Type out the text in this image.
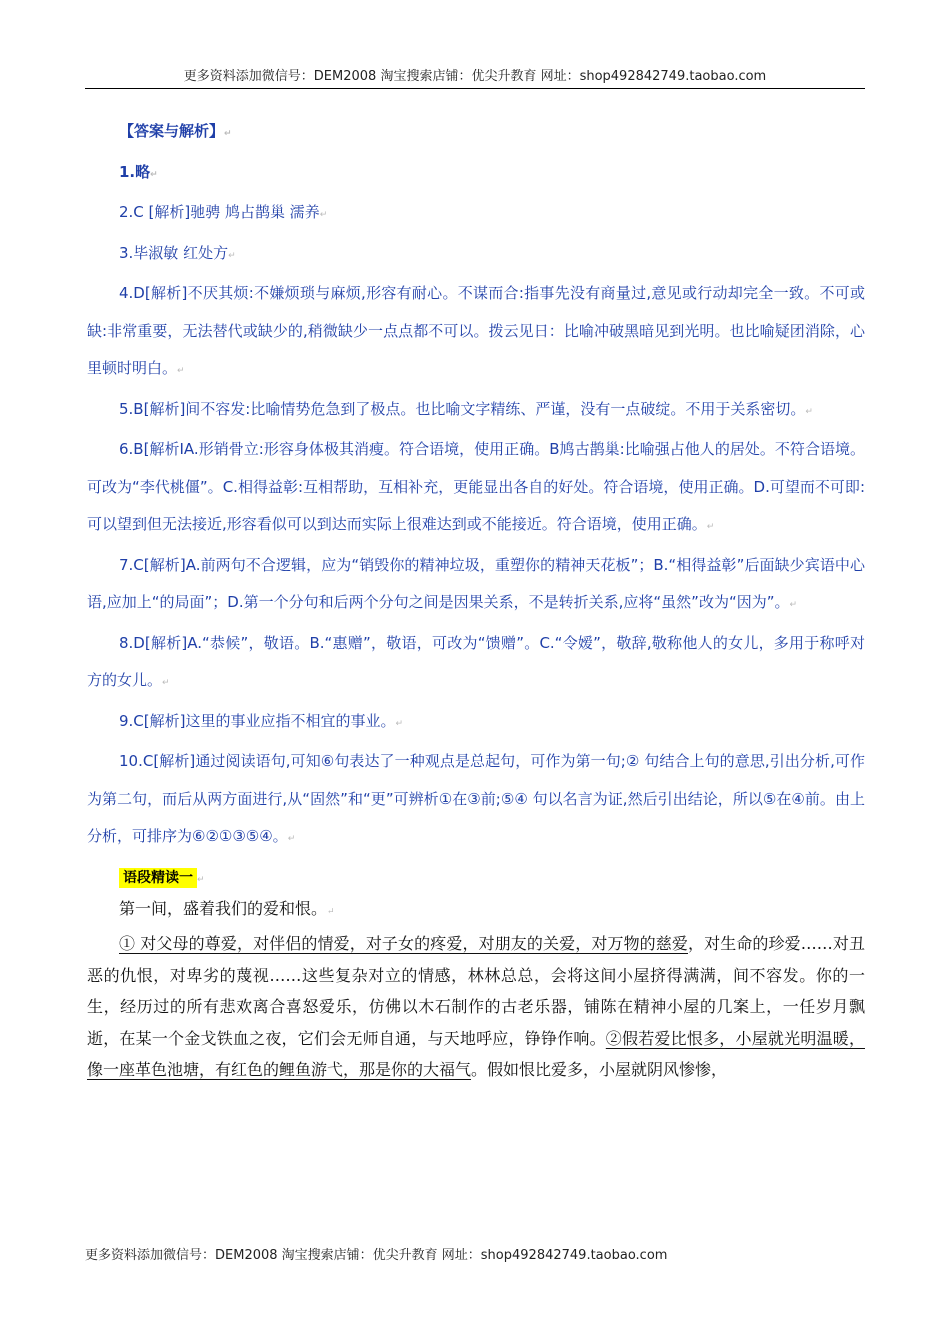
更多资料添加微信号：DEM2008 淘宝搜索店铺：优尖升教育 网址：shop492842749.taobao.com

【答案与解析】↵

1.略↵

2.C [解析]驰骋 鸠占鹊巢 濡养↵

3.毕淑敏 红处方↵

4.D[解析]不厌其烦:不嫌烦琐与麻烦,形容有耐心。不谋而合:指事先没有商量过,意见或行动却完全一致。不可或缺:非常重要，无法替代或缺少的,稍微缺少一点点都不可以。拨云见日：比喻冲破黑暗见到光明。也比喻疑团消除，心里顿时明白。↵

5.B[解析]间不容发:比喻情势危急到了极点。也比喻文字精练、严谨，没有一点破绽。不用于关系密切。↵

6.B[解析IA.形销骨立:形容身体极其消瘦。符合语境，使用正确。B鸠古鹊巢:比喻强占他人的居处。不符合语境。可改为“李代桃僵”。C.相得益彰:互相帮助，互相补充，更能显出各自的好处。符合语境，使用正确。D.可望而不可即:可以望到但无法接近,形容看似可以到达而实际上很难达到或不能接近。符合语境，使用正确。↵

7.C[解析]A.前两句不合逻辑，应为“销毁你的精神垃圾，重塑你的精神天花板”；B.“相得益彰”后面缺少宾语中心语,应加上“的局面”；D.第一个分句和后两个分句之间是因果关系，不是转折关系,应将“虽然”改为“因为”。↵

8.D[解析]A.“恭候”，敬语。B.“惠赠”，敬语，可改为“馈赠”。C.“令嫒”，敬辞,敬称他人的女儿，多用于称呼对方的女儿。↵

9.C[解析]这里的事业应指不相宜的事业。↵

10.C[解析]通过阅读语句,可知⑥句表达了一种观点是总起句，可作为第一句;② 句结合上句的意思,引出分析,可作为第二句，而后从两方面进行,从“固然”和“更”可辨析①在③前;⑤④ 句以名言为证,然后引出结论，所以⑤在④前。由上分析，可排序为⑥②①③⑤④。↵

语段精读一 ↵

第一间，盛着我们的爱和恨。↵

① 对父母的尊爱，对伴侣的情爱，对子女的疼爱，对朋友的关爱，对万物的慈爱，对生命的珍爱……对丑恶的仇恨，对卑劣的蔑视……这些复杂对立的情感，林林总总，会将这间小屋挤得满满，间不容发。你的一生，经历过的所有悲欢离合喜怒爱乐，仿佛以木石制作的古老乐器，铺陈在精神小屋的几案上，一任岁月飘逝，在某一个金戈铁血之夜，它们会无师自通，与天地呼应，铮铮作响。②假若爱比恨多，小屋就光明温暖，像一座革色池塘，有红色的鲤鱼游弋，那是你的大福气。假如恨比爱多，小屋就阴风惨惨，

更多资料添加微信号：DEM2008 淘宝搜索店铺：优尖升教育 网址：shop492842749.taobao.com
